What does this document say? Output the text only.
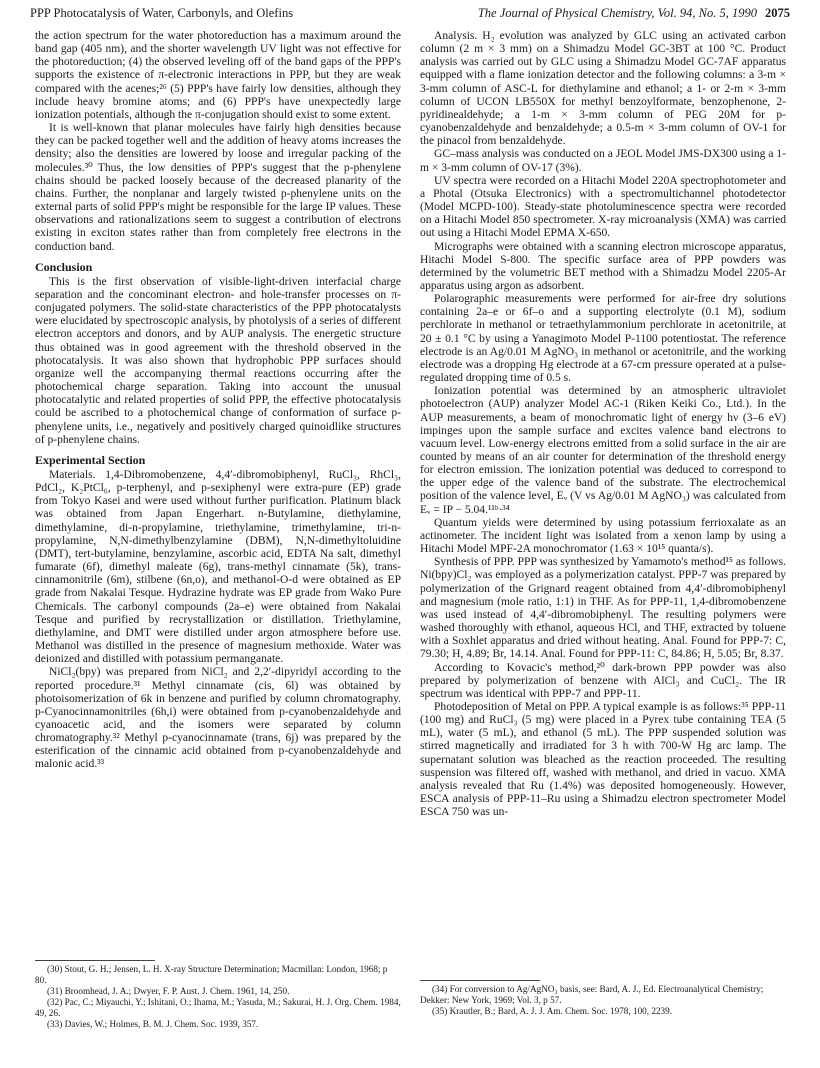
PPP Photocatalysis of Water, Carbonyls, and Olefins	The Journal of Physical Chemistry, Vol. 94, No. 5, 1990 2075

the action spectrum for the water photoreduction has a maximum around the band gap (405 nm), and the shorter wavelength UV light was not effective for the photoreduction; (4) the observed leveling off of the band gaps of the PPP's supports the existence of π-electronic interactions in PPP, but they are weak compared with the acenes;²⁶ (5) PPP's have fairly low densities, although they include heavy bromine atoms; and (6) PPP's have unexpectedly large ionization potentials, although the π-conjugation should exist to some extent.

It is well-known that planar molecules have fairly high densities because they can be packed together well and the addition of heavy atoms increases the density; also the densities are lowered by loose and irregular packing of the molecules.³⁰ Thus, the low densities of PPP's suggest that the p-phenylene chains should be packed loosely because of the decreased planarity of the chains. Further, the nonplanar and largely twisted p-phenylene units on the external parts of solid PPP's might be responsible for the large IP values. These observations and rationalizations seem to suggest a contribution of electrons existing in exciton states rather than from completely free electrons in the conduction band.

Conclusion

This is the first observation of visible-light-driven interfacial charge separation and the concominant electron- and hole-transfer processes on π-conjugated polymers. The solid-state characteristics of the PPP photocatalysts were elucidated by spectroscopic analysis, by photolysis of a series of different electron acceptors and donors, and by AUP analysis. The energetic structure thus obtained was in good agreement with the threshold observed in the photocatalysis. It was also shown that hydrophobic PPP surfaces should organize well the accompanying thermal reactions occurring after the photochemical charge separation. Taking into account the unusual photocatalytic and related properties of solid PPP, the effective photocatalysis could be ascribed to a photochemical change of conformation of surface p-phenylene units, i.e., negatively and positively charged quinoidlike structures of p-phenylene chains.

Experimental Section

Materials. 1,4-Dibromobenzene, 4,4′-dibromobiphenyl, RuCl₃, RhCl₃, PdCl₂, K₂PtCl₆, p-terphenyl, and p-sexiphenyl were extra-pure (EP) grade from Tokyo Kasei and were used without further purification. Platinum black was obtained from Japan Engerhart. n-Butylamine, diethylamine, dimethylamine, di-n-propylamine, triethylamine, trimethylamine, tri-n-propylamine, N,N-dimethylbenzylamine (DBM), N,N-dimethyltoluidine (DMT), tert-butylamine, benzylamine, ascorbic acid, EDTA Na salt, dimethyl fumarate (6f), dimethyl maleate (6g), trans-methyl cinnamate (5k), trans-cinnamonitrile (6m), stilbene (6n,o), and methanol-O-d were obtained as EP grade from Nakalai Tesque. Hydrazine hydrate was EP grade from Wako Pure Chemicals. The carbonyl compounds (2a–e) were obtained from Nakalai Tesque and purified by recrystallization or distillation. Triethylamine, diethylamine, and DMT were distilled under argon atmosphere before use. Methanol was distilled in the presence of magnesium methoxide. Water was deionized and distilled with potassium permanganate.

NiCl₂(bpy) was prepared from NiCl₂ and 2,2′-dipyridyl according to the reported procedure.³¹ Methyl cinnamate (cis, 6l) was obtained by photoisomerization of 6k in benzene and purified by column chromatography. p-Cyanocinnamonitriles (6h,i) were obtained from p-cyanobenzaldehyde and cyanoacetic acid, and the isomers were separated by column chromatography.³² Methyl p-cyanocinnamate (trans, 6j) was prepared by the esterification of the cinnamic acid obtained from p-cyanobenzaldehyde and malonic acid.³³

(30) Stout, G. H.; Jensen, L. H. X-ray Structure Determination; Macmillan: London, 1968; p 80.
(31) Broomhead, J. A.; Dwyer, F. P. Aust. J. Chem. 1961, 14, 250.
(32) Pac, C.; Miyauchi, Y.; Ishitani, O.; Ihama, M.; Yasuda, M.; Sakurai, H. J. Org. Chem. 1984, 49, 26.
(33) Davies, W.; Holmes, B. M. J. Chem. Soc. 1939, 357.

Analysis. H₂ evolution was analyzed by GLC using an activated carbon column (2 m × 3 mm) on a Shimadzu Model GC-3BT at 100 °C. Product analysis was carried out by GLC using a Shimadzu Model GC-7AF apparatus equipped with a flame ionization detector and the following columns: a 3-m × 3-mm column of ASC-L for diethylamine and ethanol; a 1- or 2-m × 3-mm column of UCON LB550X for methyl benzoylformate, benzophenone, 2-pyridinealdehyde; a 1-m × 3-mm column of PEG 20M for p-cyanobenzaldehyde and benzaldehyde; a 0.5-m × 3-mm column of OV-1 for the pinacol from benzaldehyde.

GC–mass analysis was conducted on a JEOL Model JMS-DX300 using a 1-m × 3-mm column of OV-17 (3%).

UV spectra were recorded on a Hitachi Model 220A spectrophotometer and a Photal (Otsuka Electronics) with a spectromultichannel photodetector (Model MCPD-100). Steady-state photoluminescence spectra were recorded on a Hitachi Model 850 spectrometer. X-ray microanalysis (XMA) was carried out using a Hitachi Model EPMA X-650.

Micrographs were obtained with a scanning electron microscope apparatus, Hitachi Model S-800. The specific surface area of PPP powders was determined by the volumetric BET method with a Shimadzu Model 2205-Ar apparatus using argon as adsorbent.

Polarographic measurements were performed for air-free dry solutions containing 2a–e or 6f–o and a supporting electrolyte (0.1 M), sodium perchlorate in methanol or tetraethylammonium perchlorate in acetonitrile, at 20 ± 0.1 °C by using a Yanagimoto Model P-1100 potentiostat. The reference electrode is an Ag/0.01 M AgNO₃ in methanol or acetonitrile, and the working electrode was a dropping Hg electrode at a 67-cm pressure operated at a pulse-regulated dropping time of 0.5 s.

Ionization potential was determined by an atmospheric ultraviolet photoelectron (AUP) analyzer Model AC-1 (Riken Keiki Co., Ltd.). In the AUP measurements, a beam of monochromatic light of energy hν (3–6 eV) impinges upon the sample surface and excites valence band electrons to vacuum level. Low-energy electrons emitted from a solid surface in the air are counted by means of an air counter for determination of the threshold energy for electron emission. The ionization potential was deduced to correspond to the upper edge of the valence band of the substrate. The electrochemical position of the valence level, Eᵥ (V vs Ag/0.01 M AgNO₃) was calculated from Eᵥ = IP − 5.04.¹¹ᵇ·³⁴

Quantum yields were determined by using potassium ferrioxalate as an actinometer. The incident light was isolated from a xenon lamp by using a Hitachi Model MPF-2A monochromator (1.63 × 10¹⁵ quanta/s).

Synthesis of PPP. PPP was synthesized by Yamamoto's method¹⁵ as follows. Ni(bpy)Cl₂ was employed as a polymerization catalyst. PPP-7 was prepared by polymerization of the Grignard reagent obtained from 4,4′-dibromobiphenyl and magnesium (mole ratio, 1:1) in THF. As for PPP-11, 1,4-dibromobenzene was used instead of 4,4′-dibromobiphenyl. The resulting polymers were washed thoroughly with ethanol, aqueous HCl, and THF, extracted by toluene with a Soxhlet apparatus and dried without heating. Anal. Found for PPP-7: C, 79.30; H, 4.89; Br, 14.14. Anal. Found for PPP-11: C, 84.86; H, 5.05; Br, 8.37.

According to Kovacic's method,²⁰ dark-brown PPP powder was also prepared by polymerization of benzene with AlCl₃ and CuCl₂. The IR spectrum was identical with PPP-7 and PPP-11.

Photodeposition of Metal on PPP. A typical example is as follows:³⁵ PPP-11 (100 mg) and RuCl₃ (5 mg) were placed in a Pyrex tube containing TEA (5 mL), water (5 mL), and ethanol (5 mL). The PPP suspended solution was stirred magnetically and irradiated for 3 h with 700-W Hg arc lamp. The supernatant solution was bleached as the reaction proceeded. The resulting suspension was filtered off, washed with methanol, and dried in vacuo. XMA analysis revealed that Ru (1.4%) was deposited homogeneously. However, ESCA analysis of PPP-11–Ru using a Shimadzu electron spectrometer Model ESCA 750 was un-

(34) For conversion to Ag/AgNO₃ basis, see: Bard, A. J., Ed. Electroanalytical Chemistry; Dekker: New York, 1969; Vol. 3, p 57.
(35) Krautler, B.; Bard, A. J. J. Am. Chem. Soc. 1978, 100, 2239.
